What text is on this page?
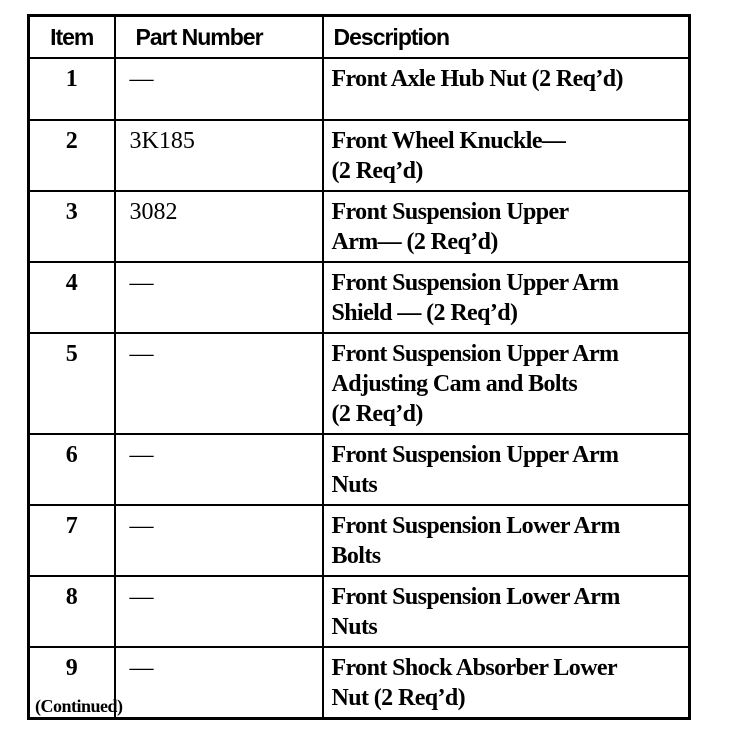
Item	Part Number	Description
1	—	Front Axle Hub Nut (2 Req’d)

2	3K185	Front Wheel Knuckle—
(2 Req’d)

3	3082	Front Suspension Upper
Arm— (2 Req’d)

4	—	Front Suspension Upper Arm
Shield — (2 Req’d)

5	—	Front Suspension Upper Arm
Adjusting Cam and Bolts
(2 Req’d)

6	—	Front Suspension Upper Arm
Nuts

7	—	Front Suspension Lower Arm
Bolts

8	—	Front Suspension Lower Arm
Nuts

9	—	Front Shock Absorber Lower
Nut (2 Req’d)
(Continued)
